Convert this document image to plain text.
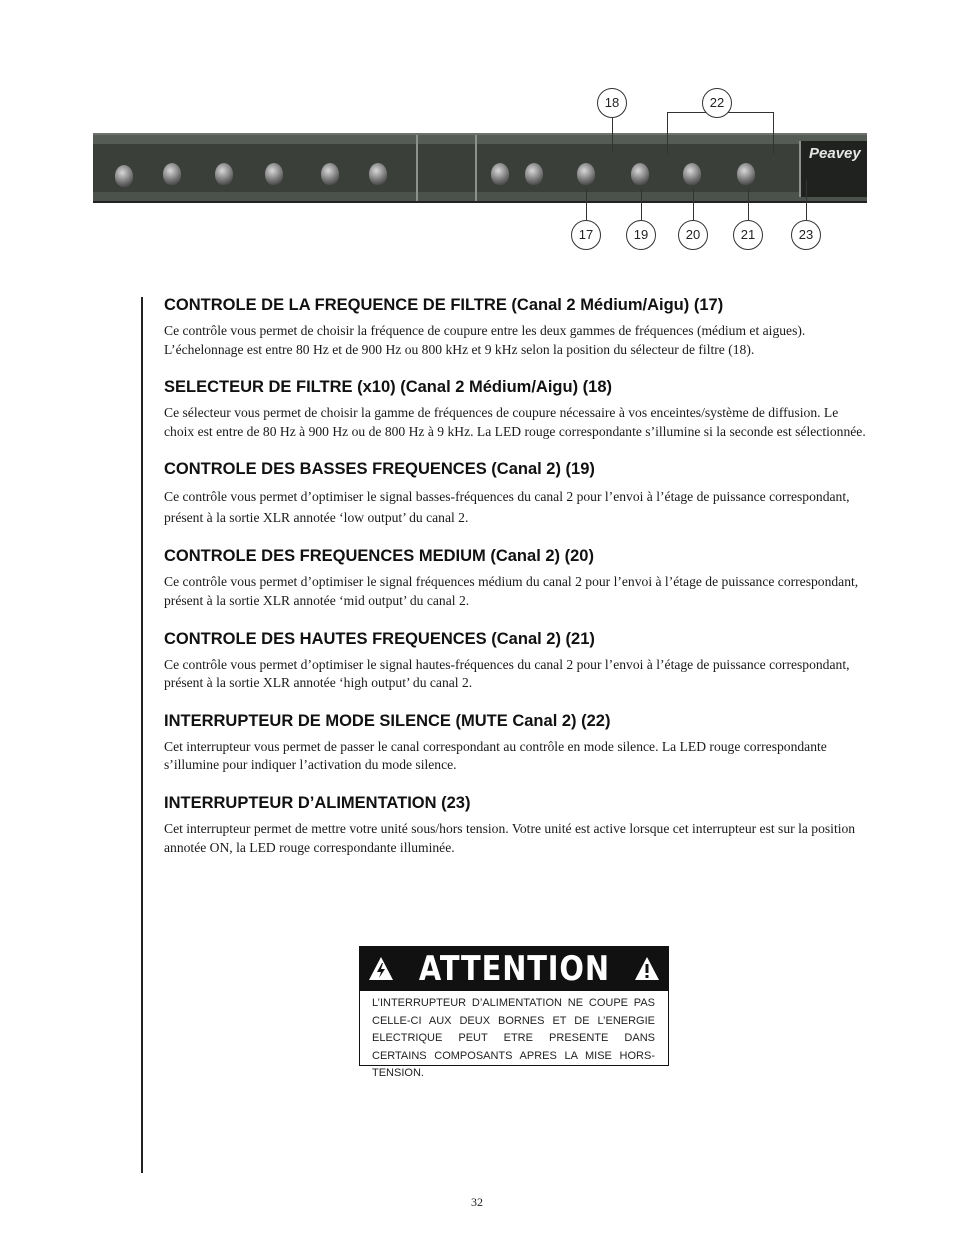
Peavey
18	22
17	19	20	21	23
CONTROLE DE LA FREQUENCE DE FILTRE (Canal 2 Médium/Aigu) (17)

Ce contrôle vous permet de choisir la fréquence de coupure entre les deux gammes de fréquences (médium et aigues). L’échelonnage est entre 80 Hz et de 900 Hz ou 800 kHz et 9 kHz selon la position du sélecteur de filtre (18).

SELECTEUR DE FILTRE (x10) (Canal 2 Médium/Aigu) (18)

Ce sélecteur vous permet de choisir la gamme de fréquences de coupure nécessaire à vos enceintes/système de diffusion. Le choix est entre de 80 Hz à 900 Hz ou de 800 Hz à 9 kHz. La LED rouge correspondante s’illumine si la seconde est sélectionnée.

CONTROLE DES BASSES FREQUENCES (Canal 2) (19)

Ce contrôle vous permet d’optimiser le signal basses-fréquences du canal 2 pour l’envoi à l’étage de puissance correspondant, présent à la sortie XLR annotée ‘low output’ du canal 2.

CONTROLE DES FREQUENCES MEDIUM (Canal 2) (20)

Ce contrôle vous permet d’optimiser le signal fréquences médium du canal 2 pour l’envoi à l’étage de puissance correspondant, présent à la sortie XLR annotée ‘mid output’ du canal 2.

CONTROLE DES HAUTES FREQUENCES (Canal 2) (21)

Ce contrôle vous permet d’optimiser le signal hautes-fréquences du canal 2 pour l’envoi à l’étage de puissance correspondant, présent à la sortie XLR annotée ‘high output’ du canal 2.

INTERRUPTEUR DE MODE SILENCE (MUTE Canal 2) (22)

Cet interrupteur vous permet de passer le canal correspondant au contrôle en mode silence. La LED rouge correspondante s’illumine pour indiquer l’activation du mode silence.

INTERRUPTEUR D’ALIMENTATION (23)

Cet interrupteur permet de mettre votre unité sous/hors tension. Votre unité est active lorsque cet interrupteur est sur la position annotée ON, la LED rouge correspondante illuminée.

ATTENTION
L’INTERRUPTEUR D’ALIMENTATION NE COUPE PAS CELLE-CI AUX DEUX BORNES ET DE L’ENERGIE ELECTRIQUE PEUT ETRE PRESENTE DANS CERTAINS COMPOSANTS APRES LA MISE HORS-TENSION.
32
